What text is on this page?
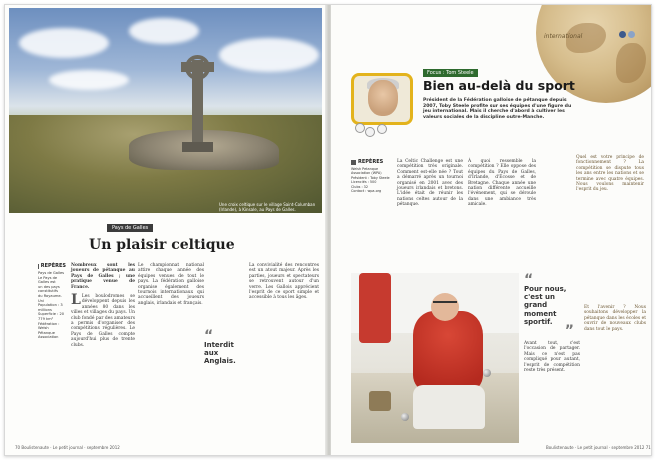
Une croix celtique sur le village Saint-Columban (Irlande), à Kinsale, au Pays de Galles.
Pays de Galles
Un plaisir celtique
REPÈRES
Pays de Galles
Le Pays de Galles est
un des pays constitutifs
du Royaume-Uni
Population : 3 millions
Superficie : 20 779 km²
Fédération : Welsh
Pétanque Association

Nombreux sont les joueurs de pétanque au Pays de Galles ; une pratique venue de France.

L Les boulodromes se développent depuis les années 80 dans les villes et villages du pays. Un club fondé par des amateurs a permis d'organiser des compétitions régulières. Le Pays de Galles compte aujourd'hui plus de trente clubs.

Le championnat national attire chaque année des équipes venues de tout le pays. La fédération galloise organise également des tournois internationaux qui accueillent des joueurs anglais, irlandais et français.
“
Interdit aux Anglais.
La convivialité des rencontres est un atout majeur. Après les parties, joueurs et spectateurs se retrouvent autour d'un verre. Les Gallois apprécient l'esprit de ce sport simple et accessible à tous les âges.
70 Boulistenaute · Le petit journal · septembre 2012
international
Focus : Tom Steele
Bien au-delà du sport
Président de la Fédération galloise de pétanque depuis 2007, Toby Steele profite sur ses équipes d'une figure du jeu international. Mais il cherche d'abord à cultiver les valeurs sociales de la discipline outre-Manche.
REPÈRES
Welsh Petanque
Association (WPA)
Président : Toby Steele
Licenciés : 500
Clubs : 32
Contact : wpa.org
La Celtic Challenge est une compétition très originale. Comment est-elle née ? Tout a démarré après un tournoi organisé en 2001 avec des joueurs irlandais et bretons. L'idée était de réunir les nations celtes autour de la pétanque.
À quoi ressemble la compétition ? Elle oppose des équipes du Pays de Galles, d'Irlande, d'Écosse et de Bretagne. Chaque année une nation différente accueille l'événement, qui se déroule dans une ambiance très amicale.
Quel est votre principe de fonctionnement ? La compétition se dispute tous les ans entre les nations et se termine avec quatre équipes. Nous voulons maintenir l'esprit du jeu.
“
Pour nous, c'est un grand moment sportif.
”
Avant tout, c'est l'occasion de partager. Mais ce n'est pas compliqué pour autant, l'esprit de compétition reste très présent.
Et l'avenir ? Nous souhaitons développer la pétanque dans les écoles et ouvrir de nouveaux clubs dans tout le pays.
Boulistenaute · Le petit journal · septembre 2012 71
